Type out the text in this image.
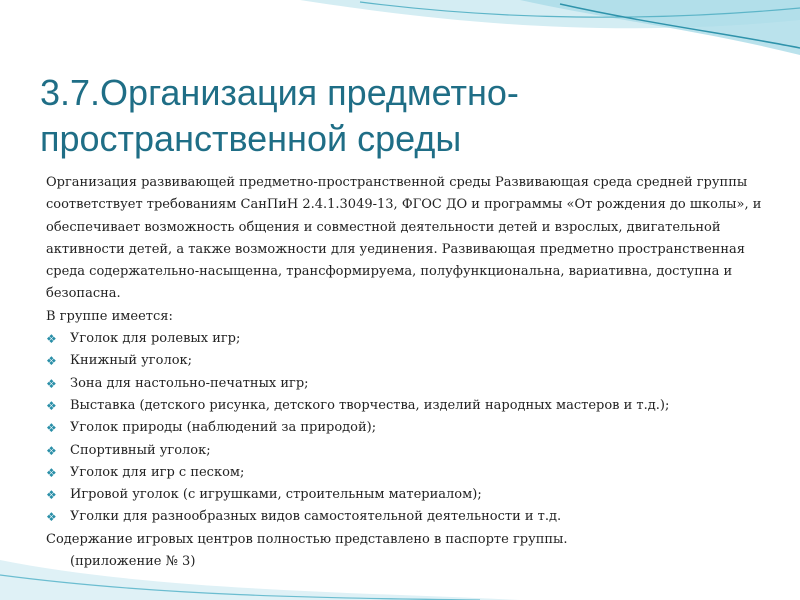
3.7.Организация предметно-
пространственной среды

Организация развивающей предметно-пространственной среды Развивающая среда средней группы соответствует требованиям СанПиН 2.4.1.3049-13, ФГОС ДО и программы «От рождения до школы», и обеспечивает возможность общения и совместной деятельности детей и взрослых, двигательной активности детей, а также возможности для уединения. Развивающая предметно пространственная среда содержательно-насыщенна, трансформируема, полуфункциональна, вариативна, доступна и безопасна.

В группе имеется:

❖ Уголок для ролевых игр;
❖ Книжный уголок;
❖ Зона для настольно-печатных игр;
❖ Выставка (детского рисунка, детского творчества, изделий народных мастеров и т.д.);
❖ Уголок природы (наблюдений за природой);
❖ Спортивный уголок;
❖ Уголок для игр с песком;
❖ Игровой уголок (с игрушками, строительным материалом);
❖ Уголки для разнообразных видов самостоятельной деятельности и т.д.

Содержание игровых центров полностью представлено в паспорте группы.

(приложение № 3)
